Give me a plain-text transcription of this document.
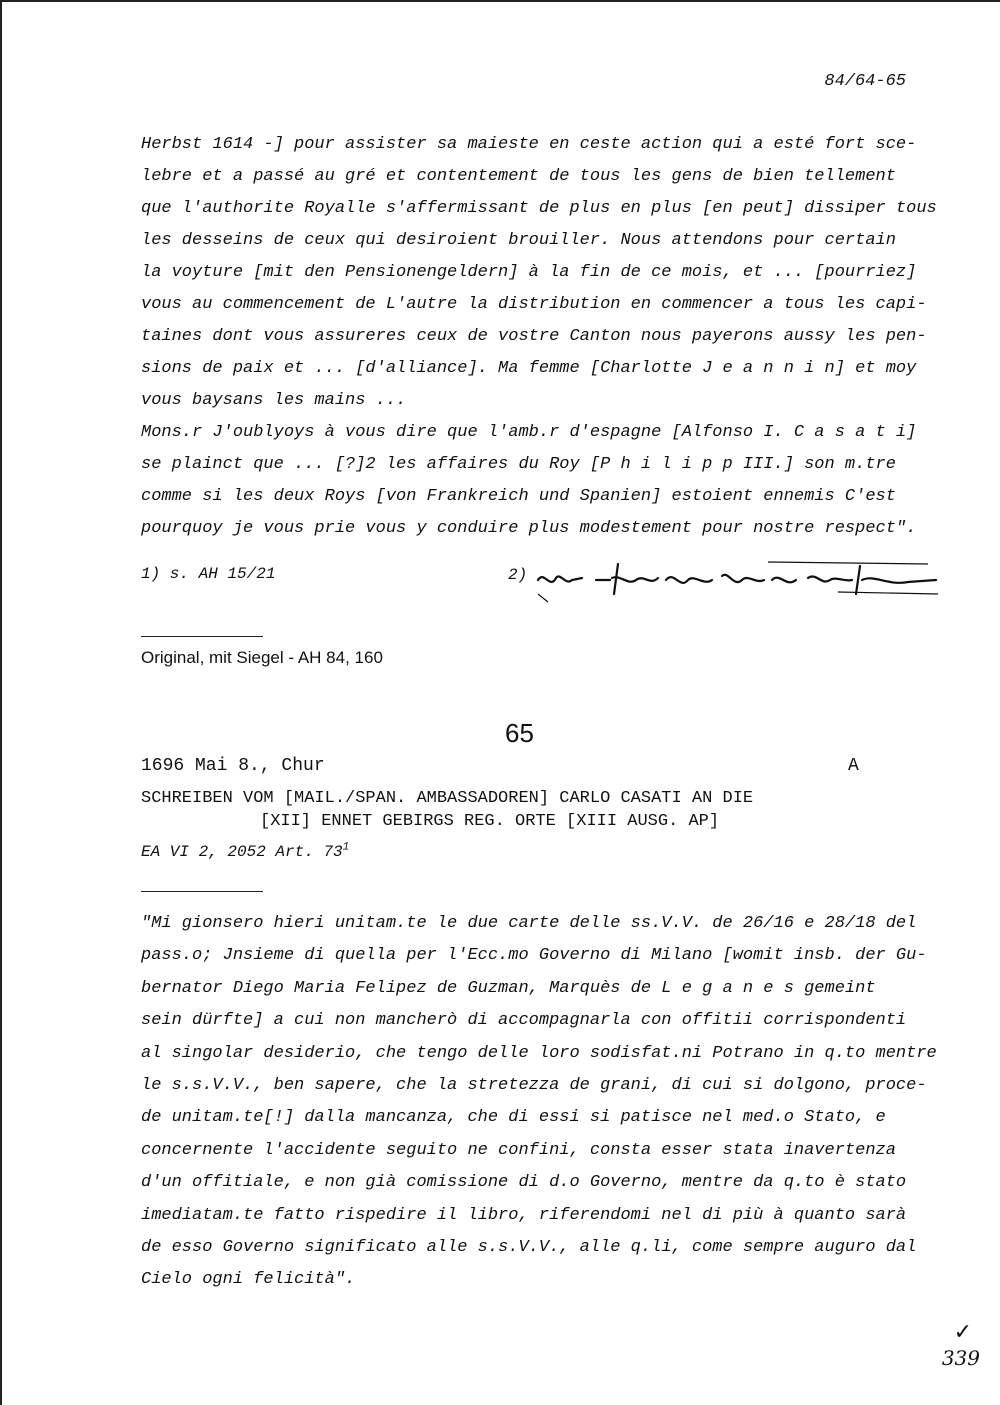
84/64-65
Herbst 1614 -] pour assister sa maieste en ceste action qui a esté fort sce-
lebre et a passé au gré et contentement de tous les gens de bien tellement
que l'authorite Royalle s'affermissant de plus en plus [en peut] dissiper tous
les desseins de ceux qui desiroient brouiller. Nous attendons pour certain
la voyture [mit den Pensionengeldern] à la fin de ce mois, et ... [pourriez]
vous au commencement de L'autre la distribution en commencer a tous les capi-
taines dont vous assureres ceux de vostre Canton nous payerons aussy les pen-
sions de paix et ... [d'alliance]. Ma femme [Charlotte J e a n n i n] et moy
vous baysans les mains ...
Mons.r J'oublyoys à vous dire que l'amb.r d'espagne [Alfonso I. C a s a t i]
se plainct que ... [?]2 les affaires du Roy [P h i l i p p III.] son m.tre
comme si les deux Roys [von Frankreich und Spanien] estoient ennemis C'est
pourquoy je vous prie vous y conduire plus modestement pour nostre respect".
1) s. AH 15/21	2)
Original, mit Siegel - AH 84, 160
65
1696 Mai 8., Chur	A
SCHREIBEN VOM [MAIL./SPAN. AMBASSADOREN] CARLO CASATI AN DIE
[XII] ENNET GEBIRGS REG. ORTE [XIII AUSG. AP]
EA VI 2, 2052 Art. $73^1$
"Mi gionsero hieri unitam.te le due carte delle ss.V.V. de 26/16 e 28/18 del
pass.o; Jnsieme di quella per l'Ecc.mo Governo di Milano [womit insb. der Gu-
bernator Diego Maria Felipez de Guzman, Marquès de L e g a n e s gemeint
sein dürfte] a cui non mancherò di accompagnarla con offitii corrispondenti
al singolar desiderio, che tengo delle loro sodisfat.ni Potrano in q.to mentre
le s.s.V.V., ben sapere, che la stretezza de grani, di cui si dolgono, proce-
de unitam.te[!] dalla mancanza, che di essi si patisce nel med.o Stato, e
concernente l'accidente seguito ne confini, consta esser stata inavertenza
d'un offitiale, e non già comissione di d.o Governo, mentre da q.to è stato
imediatam.te fatto rispedire il libro, riferendomi nel di più à quanto sarà
de esso Governo significato alle s.s.V.V., alle q.li, come sempre auguro dal
Cielo ogni felicità".
✓
339
